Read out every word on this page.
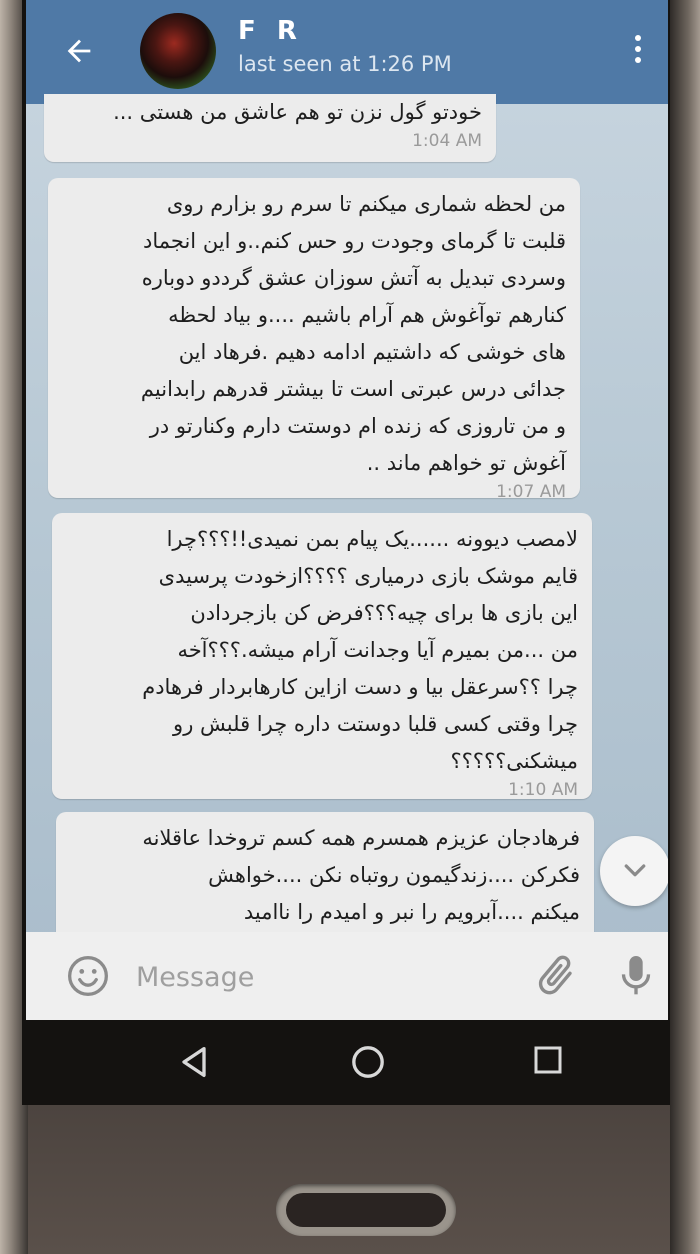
F R
last seen at 1:26 PM
خودتو گول نزن تو هم عاشق من هستی ...
1:04 AM
من لحظه شماری میکنم تا سرم رو بزارم روی
قلبت تا گرمای وجودت رو حس کنم..و این انجماد
وسردی تبدیل به آتش سوزان عشق گرددو دوباره
کنارهم توآغوش هم آرام باشیم ....و بیاد لحظه
های خوشی که داشتیم ادامه دهیم .فرهاد این
جدائی درس عبرتی است تا بیشتر قدرهم رابدانیم
و من تاروزی که زنده ام دوستت دارم وکنارتو در
آغوش تو خواهم ماند ..
1:07 AM
لامصب دیوونه ......یک پیام بمن نمیدی!!؟؟؟چرا
قایم موشک بازی درمیاری ؟؟؟؟ازخودت پرسیدی
این بازی ها برای چیه؟؟؟فرض کن بازجردادن
من ...من بمیرم آیا وجدانت آرام میشه.؟؟؟آخه
چرا ؟؟سرعقل بیا و دست ازاین کارهابردار فرهادم
چرا وقتی کسی قلبا دوستت داره چرا قلبش رو
میشکنی؟؟؟؟؟
1:10 AM
فرهادجان عزیزم همسرم همه کسم تروخدا عاقلانه
فکرکن ....زندگیمون روتباه نکن ....خواهش
میکنم ....آبرویم را نبر و امیدم را ناامید
Message
